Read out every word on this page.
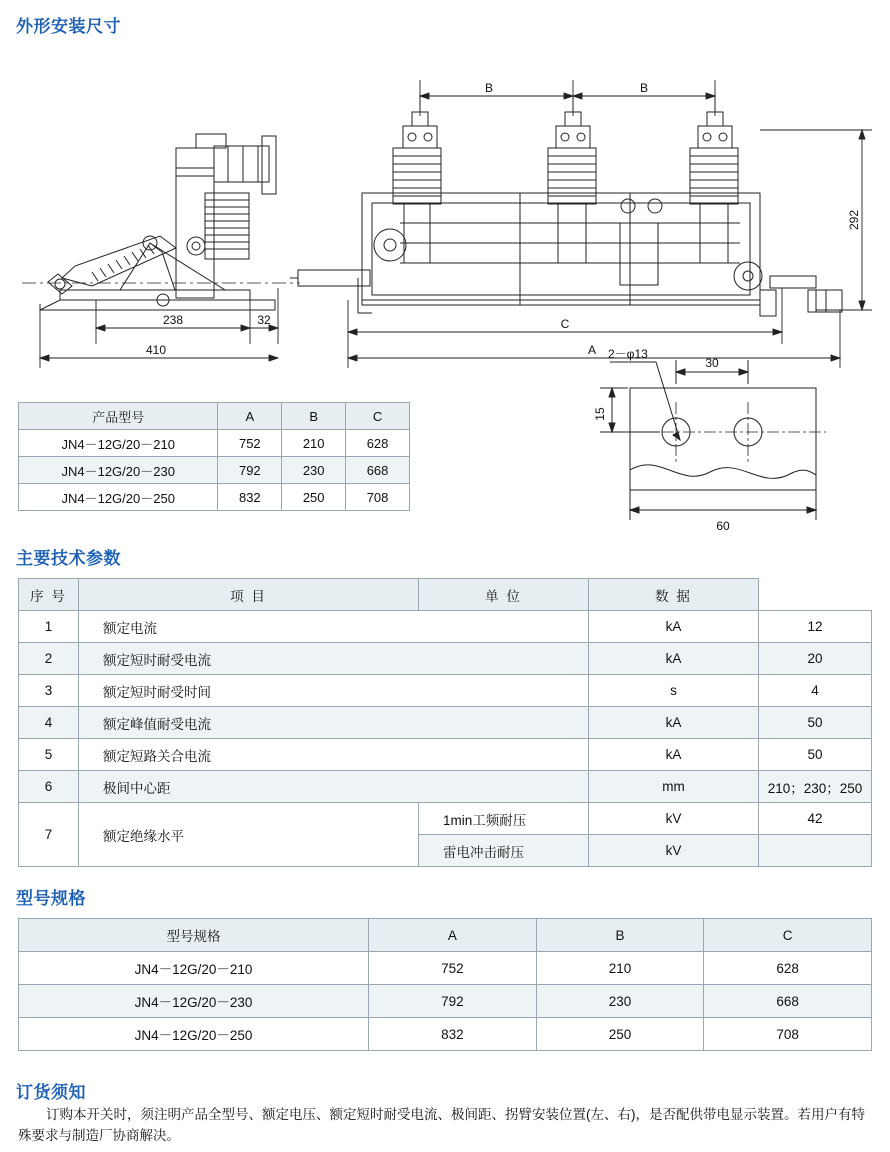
外形安装尺寸
B	B
292
238	32
410
C
A
产品型号	A	B	C
JN4－12G/20－210	752	210	628
JN4－12G/20－230	792	230	668
JN4－12G/20－250	832	250	708
2－φ13
30
15
60
主要技术参数
序 号	项 目	单 位	数 据	
1	额定电流		kA	12
2	额定短时耐受电流		kA	20
3	额定短时耐受时间		s	4
4	额定峰值耐受电流		kA	50
5	额定短路关合电流		kA	50
6	极间中心距		mm	210；230；250
7	额定绝缘水平	1min工频耐压	kV	42
		雷电冲击耐压	kV	
型号规格
型号规格	A	B	C
JN4－12G/20－210	752	210	628
JN4－12G/20－230	792	230	668
JN4－12G/20－250	832	250	708
订货须知

订购本开关时，须注明产品全型号、额定电压、额定短时耐受电流、极间距、拐臂安装位置(左、右)，是否配供带电显示装置。若用户有特殊要求与制造厂协商解决。
